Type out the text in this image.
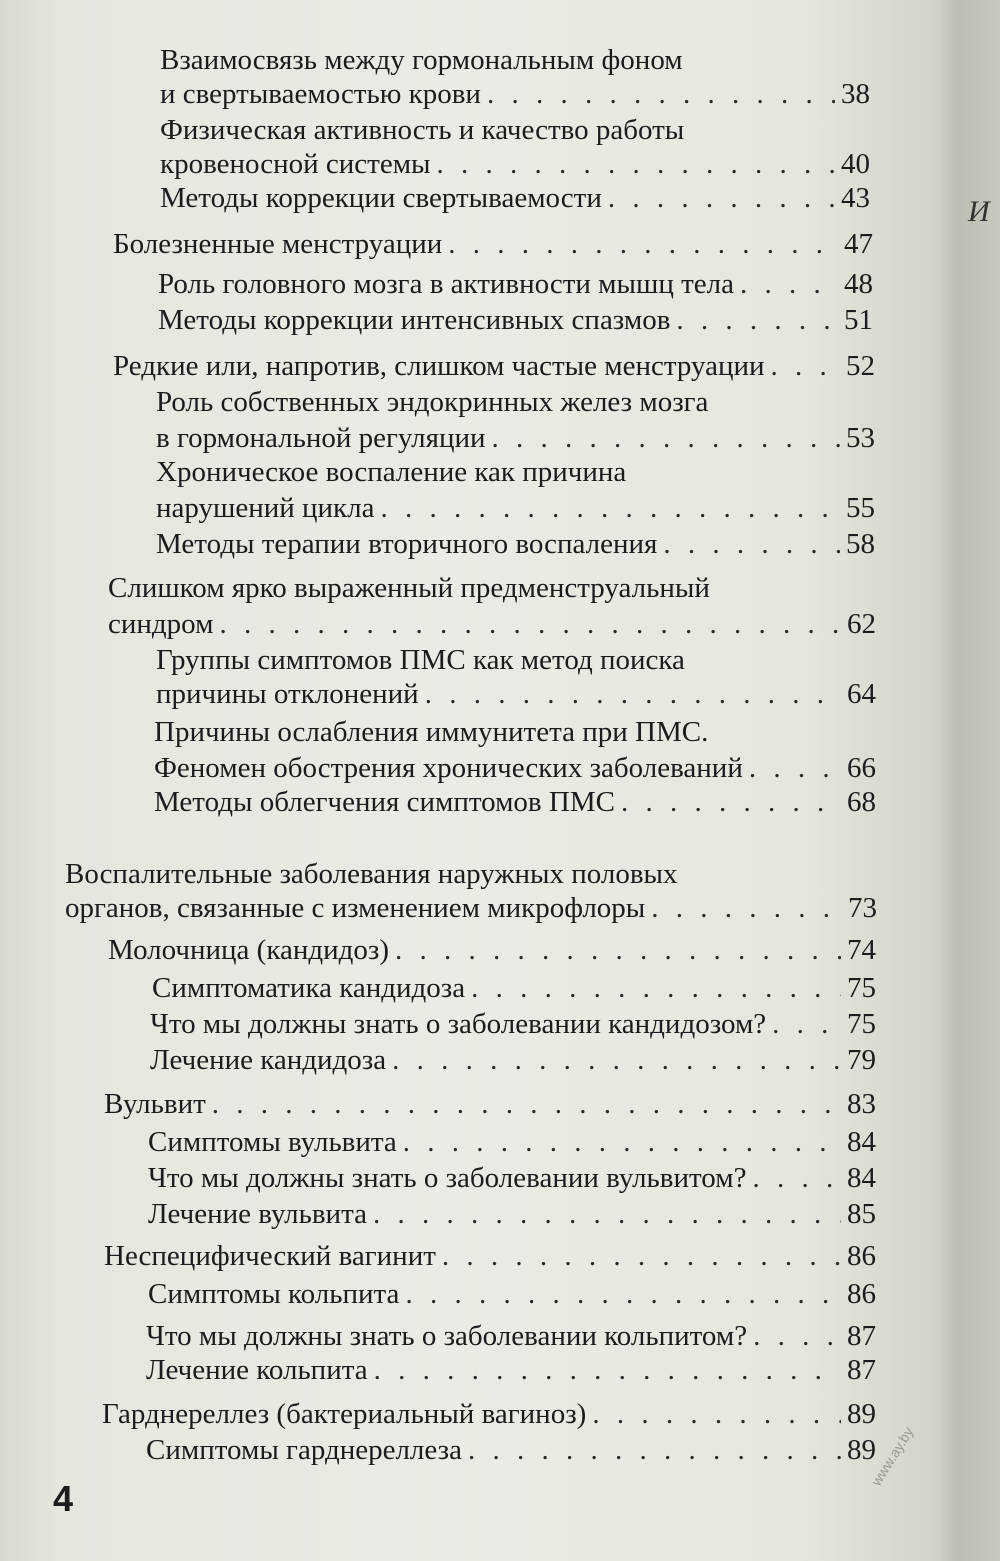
Взаимосвязь между гормональным фоном
и свертываемостью крови . . .	38
Физическая активность и качество работы
кровеносной системы . . .	40
Методы коррекции свертываемости . . .	43
Болезненные менструации . . .	47
Роль головного мозга в активности мышц тела . . .	48
Методы коррекции интенсивных спазмов . . .	51
Редкие или, напротив, слишком частые менструации . . .	52
Роль собственных эндокринных желез мозга
в гормональной регуляции . . .	53
Хроническое воспаление как причина
нарушений цикла . . .	55
Методы терапии вторичного воспаления . . .	58
Слишком ярко выраженный предменструальный
синдром . . .	62
Группы симптомов ПМС как метод поиска
причины отклонений . . .	64
Причины ослабления иммунитета при ПМС.
Феномен обострения хронических заболеваний . . .	66
Методы облегчения симптомов ПМС . . .	68
Воспалительные заболевания наружных половых
органов, связанные с изменением микрофлоры . . .	73
Молочница (кандидоз) . . .	74
Симптоматика кандидоза . . .	75
Что мы должны знать о заболевании кандидозом? . . .	75
Лечение кандидоза . . .	79
Вульвит . . .	83
Симптомы вульвита . . .	84
Что мы должны знать о заболевании вульвитом? . . .	84
Лечение вульвита . . .	85
Неспецифический вагинит . . .	86
Симптомы кольпита . . .	86
Что мы должны знать о заболевании кольпитом? . . .	87
Лечение кольпита . . .	87
Гарднереллез (бактериальный вагиноз) . . .	89
Симптомы гарднереллеза . . .	89
4
И
www.ay.by
